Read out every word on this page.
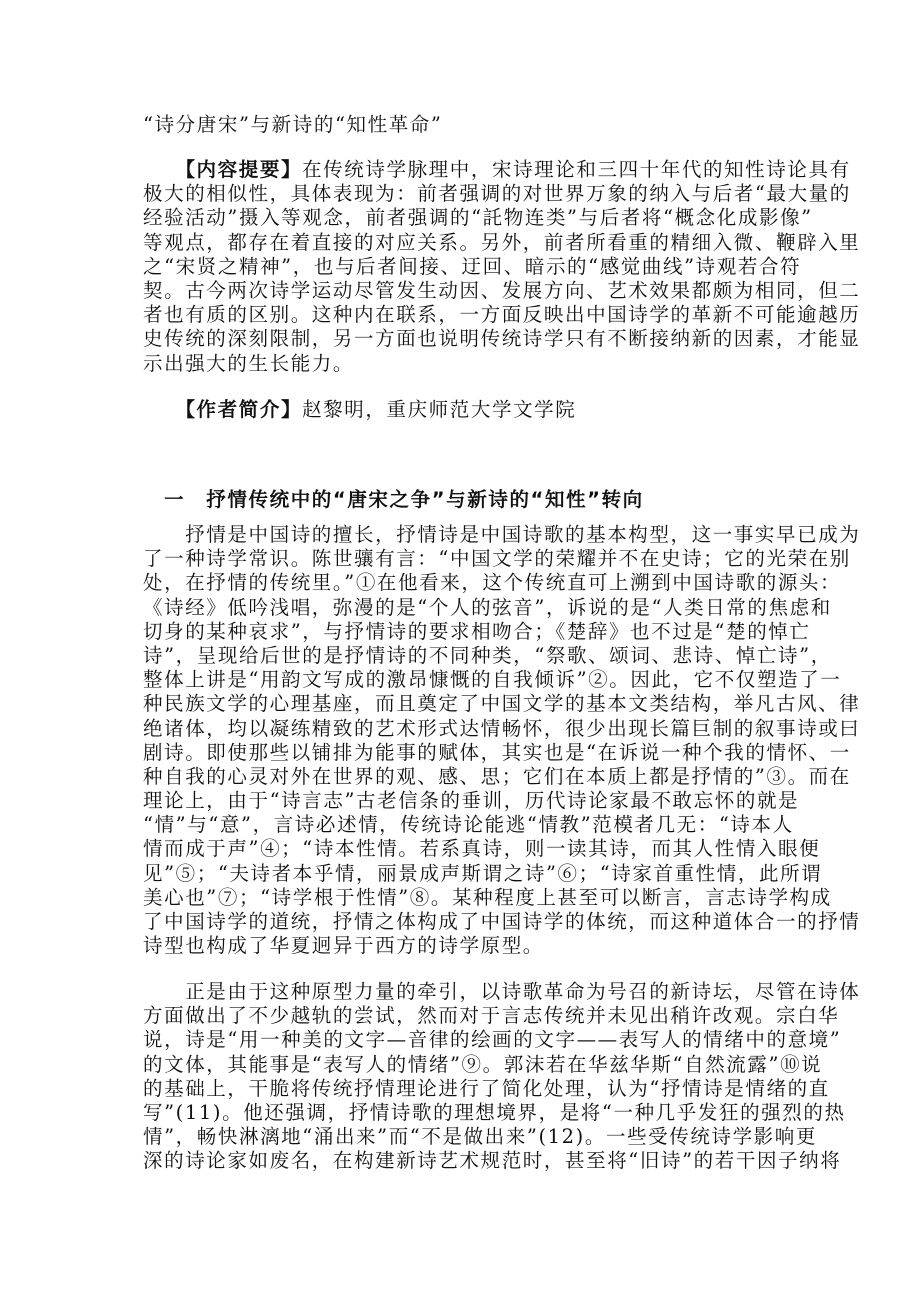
“诗分唐宋”与新诗的“知性革命”
　　【内容提要】在传统诗学脉理中，宋诗理论和三四十年代的知性诗论具有
极大的相似性，具体表现为：前者强调的对世界万象的纳入与后者“最大量的
经验活动”摄入等观念，前者强调的“託物连类”与后者将“概念化成影像”
等观点，都存在着直接的对应关系。另外，前者所看重的精细入微、鞭辟入里
之“宋贤之精神”，也与后者间接、迂回、暗示的“感觉曲线”诗观若合符
契。古今两次诗学运动尽管发生动因、发展方向、艺术效果都颇为相同，但二
者也有质的区别。这种内在联系，一方面反映出中国诗学的革新不可能逾越历
史传统的深刻限制，另一方面也说明传统诗学只有不断接纳新的因素，才能显
示出强大的生长能力。
　　【作者简介】赵黎明，重庆师范大学文学院
　一　抒情传统中的“唐宋之争”与新诗的“知性”转向
　　抒情是中国诗的擅长，抒情诗是中国诗歌的基本构型，这一事实早已成为
了一种诗学常识。陈世骧有言：“中国文学的荣耀并不在史诗；它的光荣在别
处，在抒情的传统里。”①在他看来，这个传统直可上溯到中国诗歌的源头：
《诗经》低吟浅唱，弥漫的是“个人的弦音”，诉说的是“人类日常的焦虑和
切身的某种哀求”，与抒情诗的要求相吻合；《楚辞》也不过是“楚的悼亡
诗”，呈现给后世的是抒情诗的不同种类，“祭歌、颂词、悲诗、悼亡诗”，
整体上讲是“用韵文写成的激昂慷慨的自我倾诉”②。因此，它不仅塑造了一
种民族文学的心理基座，而且奠定了中国文学的基本文类结构，举凡古风、律
绝诸体，均以凝练精致的艺术形式达情畅怀，很少出现长篇巨制的叙事诗或曰
剧诗。即使那些以铺排为能事的赋体，其实也是“在诉说一种个我的情怀、一
种自我的心灵对外在世界的观、感、思；它们在本质上都是抒情的”③。而在
理论上，由于“诗言志”古老信条的垂训，历代诗论家最不敢忘怀的就是
“情”与“意”，言诗必述情，传统诗论能逃“情教”范模者几无：“诗本人
情而成于声”④；“诗本性情。若系真诗，则一读其诗，而其人性情入眼便
见”⑤；“夫诗者本乎情，丽景成声斯谓之诗”⑥；“诗家首重性情，此所谓
美心也”⑦；“诗学根于性情”⑧。某种程度上甚至可以断言，言志诗学构成
了中国诗学的道统，抒情之体构成了中国诗学的体统，而这种道体合一的抒情
诗型也构成了华夏迥异于西方的诗学原型。
　　正是由于这种原型力量的牵引，以诗歌革命为号召的新诗坛，尽管在诗体
方面做出了不少越轨的尝试，然而对于言志传统并未见出稍许改观。宗白华
说，诗是“用一种美的文字—音律的绘画的文字——表写人的情绪中的意境”
的文体，其能事是“表写人的情绪”⑨。郭沫若在华兹华斯“自然流露”⑩说
的基础上，干脆将传统抒情理论进行了简化处理，认为“抒情诗是情绪的直
写”(11)。他还强调，抒情诗歌的理想境界，是将“一种几乎发狂的强烈的热
情”，畅快淋漓地“涌出来”而“不是做出来”(12)。一些受传统诗学影响更
深的诗论家如废名，在构建新诗艺术规范时，甚至将“旧诗”的若干因子纳将
